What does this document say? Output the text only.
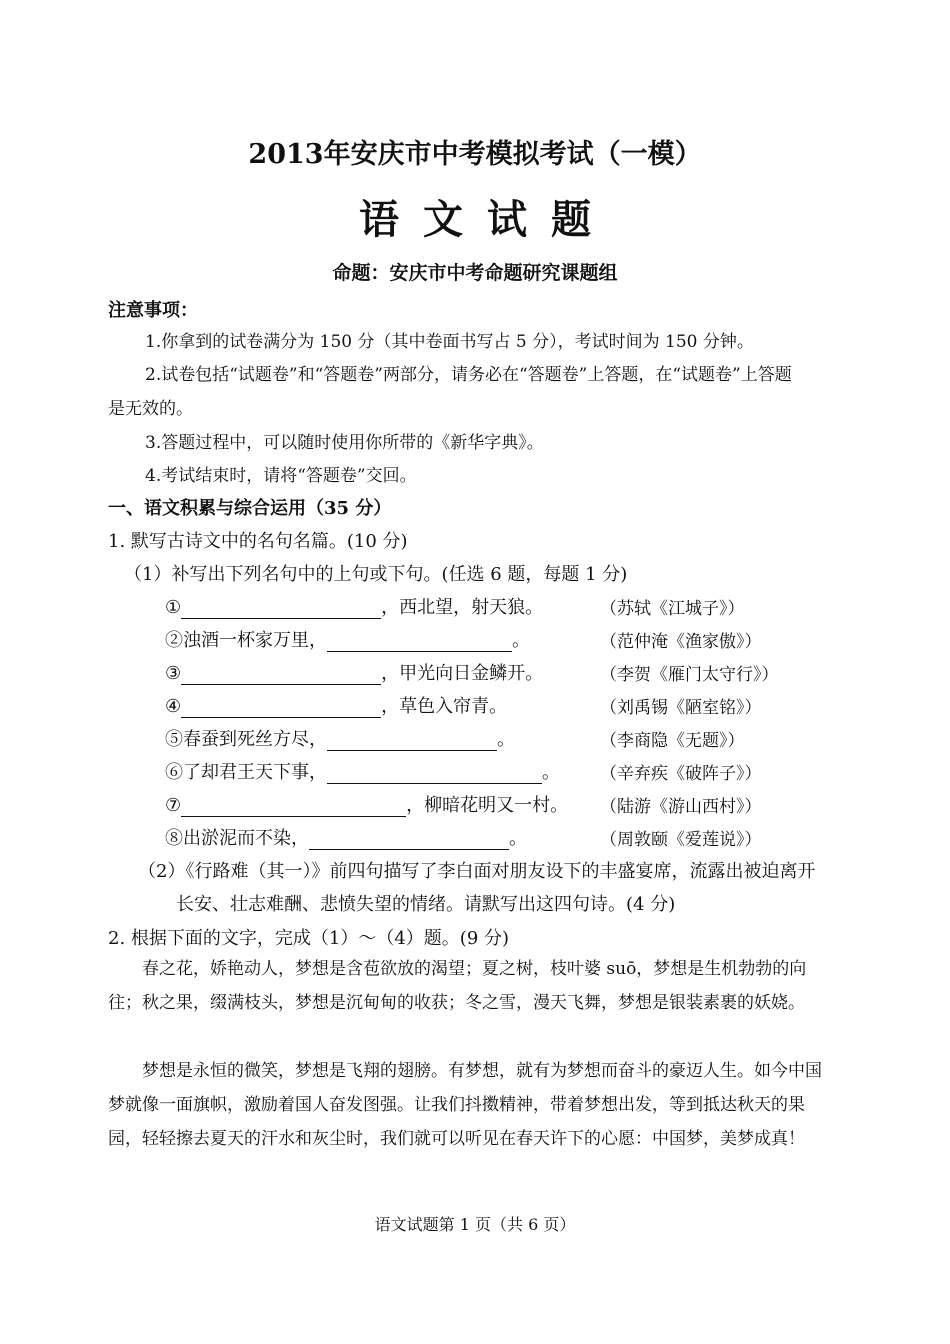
2013年安庆市中考模拟考试（一模）
语文试题
命题：安庆市中考命题研究课题组
注意事项：
1.你拿到的试卷满分为 150 分（其中卷面书写占 5 分），考试时间为 150 分钟。
2.试卷包括“试题卷”和“答题卷”两部分，请务必在“答题卷”上答题，在“试题卷”上答题
是无效的。
3.答题过程中，可以随时使用你所带的《新华字典》。
4.考试结束时，请将“答题卷”交回。
一、语文积累与综合运用（35 分）
1. 默写古诗文中的名句名篇。(10 分)
（1）补写出下列名句中的上句或下句。(任选 6 题，每题 1 分)
①	，西北望，射天狼。	（苏轼《江城子》）
②浊酒一杯家万里，	。	（范仲淹《渔家傲》）
③	，甲光向日金鳞开。	（李贺《雁门太守行》）
④	，草色入帘青。	（刘禹锡《陋室铭》）
⑤春蚕到死丝方尽，	。	（李商隐《无题》）
⑥了却君王天下事，	。 （辛弃疾《破阵子》）
⑦	，柳暗花明又一村。 （陆游《游山西村》）
⑧出淤泥而不染，	。	（周敦颐《爱莲说》）
（2）《行路难（其一）》前四句描写了李白面对朋友设下的丰盛宴席，流露出被迫离开
长安、壮志难酬、悲愤失望的情绪。请默写出这四句诗。(4 分)
2. 根据下面的文字，完成（1）～（4）题。(9 分)
春之花，娇艳动人，梦想是含苞欲放的渴望；夏之树，枝叶婆 suō，梦想是生机勃勃的向往；秋之果，缀满枝头，梦想是沉甸甸的收获；冬之雪，漫天飞舞，梦想是银装素裹的妖娆。
梦想是永恒的微笑，梦想是飞翔的翅膀。有梦想，就有为梦想而奋斗的豪迈人生。如今中国梦就像一面旗帜，激励着国人奋发图强。让我们抖擞精神，带着梦想出发，等到抵达秋天的果园，轻轻擦去夏天的汗水和灰尘时，我们就可以听见在春天许下的心愿：中国梦，美梦成真！
语文试题第 1 页（共 6 页）
